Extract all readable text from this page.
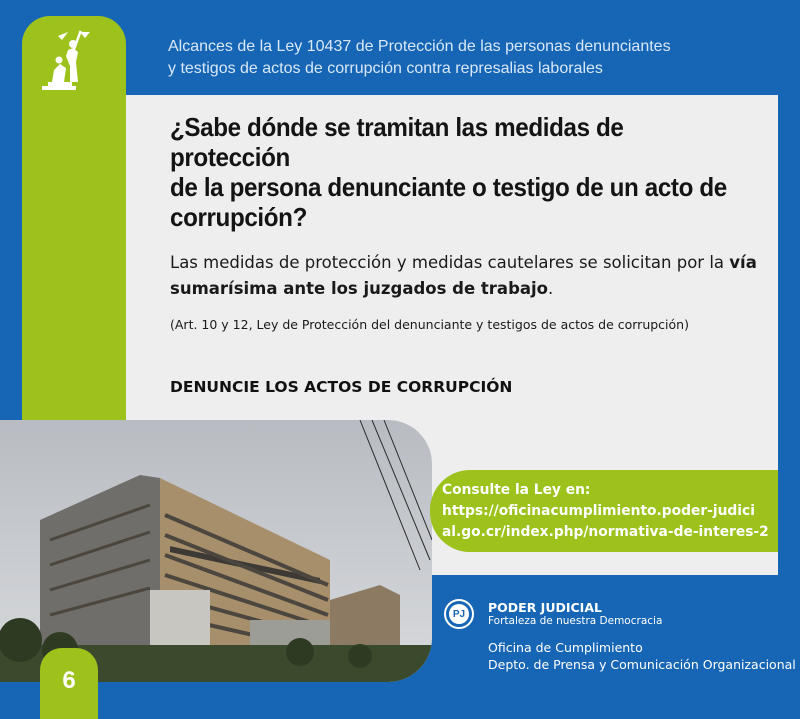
Alcances de la Ley 10437 de Protección de las personas denunciantes
y testigos de actos de corrupción contra represalias laborales
¿Sabe dónde se tramitan las medidas de protección
de la persona denunciante o testigo de un acto de
corrupción?
Las medidas de protección y medidas cautelares se solicitan por la vía sumarísima ante los juzgados de trabajo.
(Art. 10 y 12, Ley de Protección del denunciante y testigos de actos de corrupción)
DENUNCIE LOS ACTOS DE CORRUPCIÓN
Consulte la Ley en:
https://oficinacumplimiento.poder-judici
al.go.cr/index.php/normativa-de-interes-2
PJ	PODER JUDICIAL
Fortaleza de nuestra Democracia
Oficina de Cumplimiento
Depto. de Prensa y Comunicación Organizacional
6
